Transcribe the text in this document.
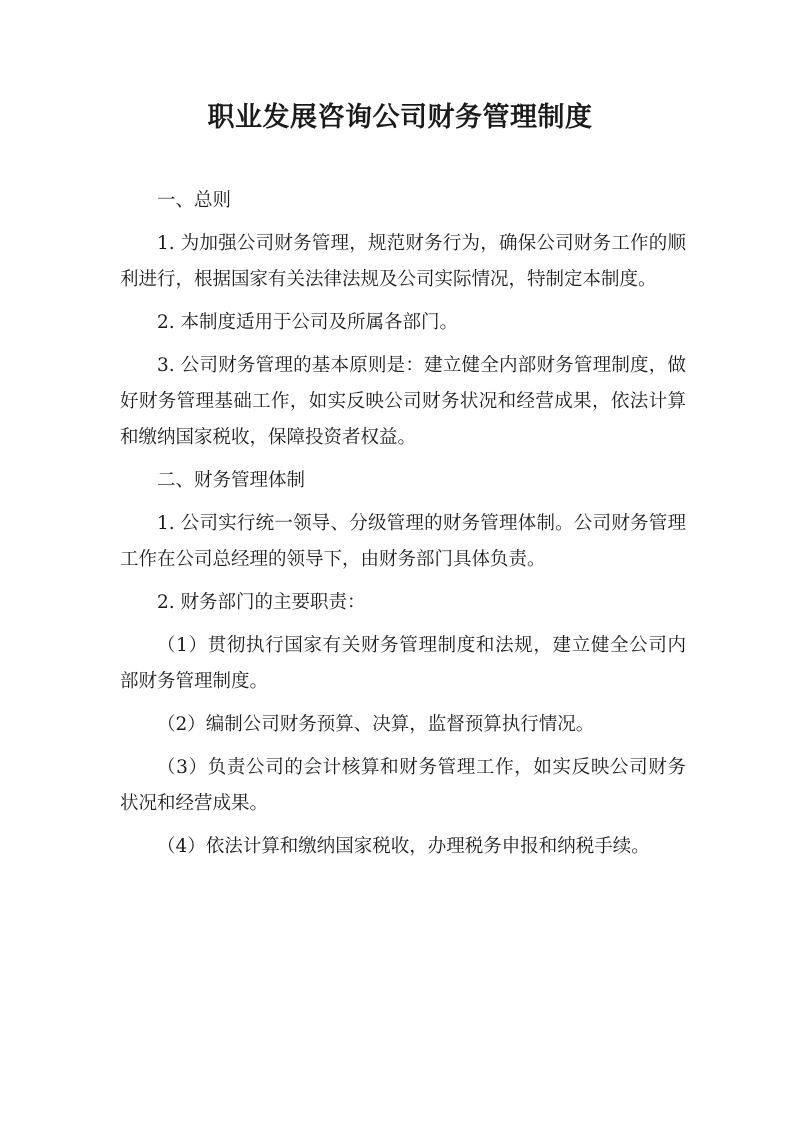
职业发展咨询公司财务管理制度

一、总则

1. 为加强公司财务管理，规范财务行为，确保公司财务工作的顺利进行，根据国家有关法律法规及公司实际情况，特制定本制度。

2. 本制度适用于公司及所属各部门。

3. 公司财务管理的基本原则是：建立健全内部财务管理制度，做好财务管理基础工作，如实反映公司财务状况和经营成果，依法计算和缴纳国家税收，保障投资者权益。

二、财务管理体制

1. 公司实行统一领导、分级管理的财务管理体制。公司财务管理工作在公司总经理的领导下，由财务部门具体负责。

2. 财务部门的主要职责：

（1）贯彻执行国家有关财务管理制度和法规，建立健全公司内部财务管理制度。

（2）编制公司财务预算、决算，监督预算执行情况。

（3）负责公司的会计核算和财务管理工作，如实反映公司财务状况和经营成果。

（4）依法计算和缴纳国家税收，办理税务申报和纳税手续。
